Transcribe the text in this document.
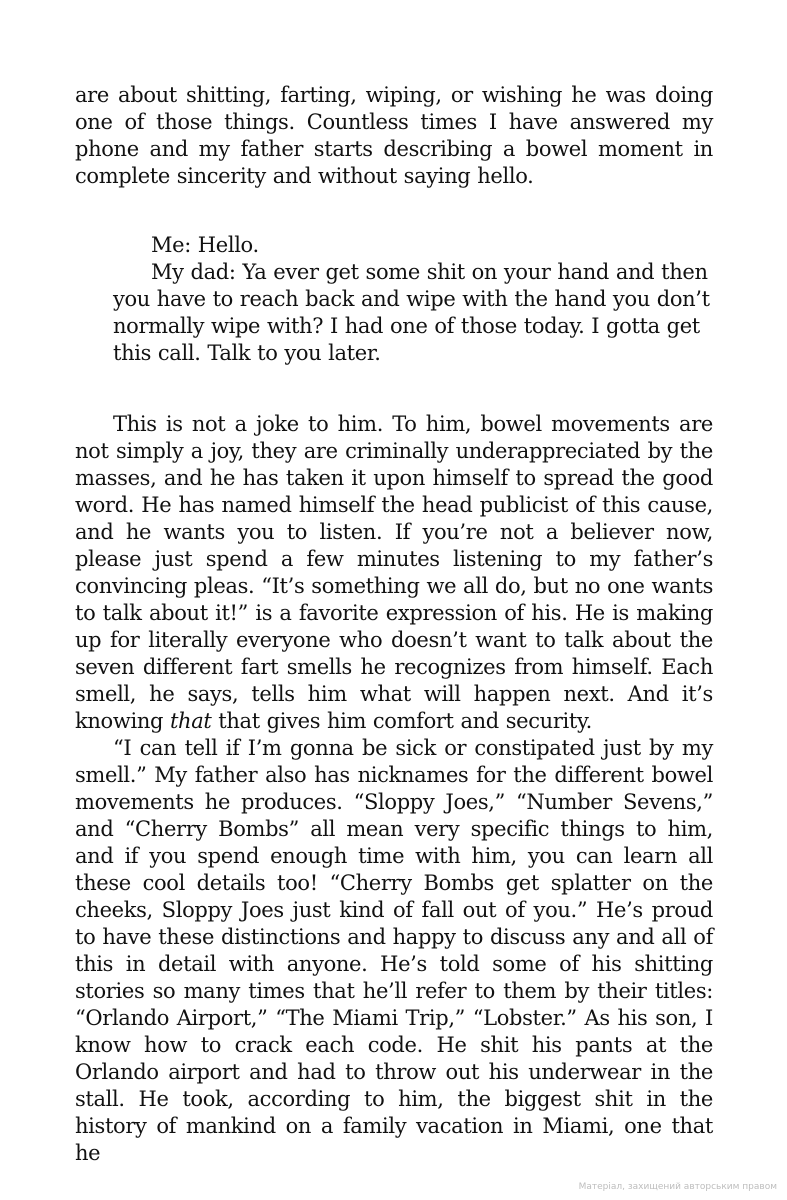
are about shitting, farting, wiping, or wishing he was doing one of those things. Countless times I have answered my phone and my father starts describing a bowel moment in complete sincerity and without saying hello.

Me: Hello.

My dad: Ya ever get some shit on your hand and then you have to reach back and wipe with the hand you don’t normally wipe with? I had one of those today. I gotta get this call. Talk to you later.

This is not a joke to him. To him, bowel movements are not simply a joy, they are criminally underappreciated by the masses, and he has taken it upon himself to spread the good word. He has named himself the head publicist of this cause, and he wants you to listen. If you’re not a believer now, please just spend a few minutes listening to my father’s convincing pleas. “It’s something we all do, but no one wants to talk about it!” is a favorite expression of his. He is making up for literally everyone who doesn’t want to talk about the seven different fart smells he recognizes from himself. Each smell, he says, tells him what will happen next. And it’s knowing that that gives him comfort and security.

“I can tell if I’m gonna be sick or constipated just by my smell.” My father also has nicknames for the different bowel movements he produces. “Sloppy Joes,” “Number Sevens,” and “Cherry Bombs” all mean very specific things to him, and if you spend enough time with him, you can learn all these cool details too! “Cherry Bombs get splatter on the cheeks, Sloppy Joes just kind of fall out of you.” He’s proud to have these distinctions and happy to discuss any and all of this in detail with anyone. He’s told some of his shitting stories so many times that he’ll refer to them by their titles: “Orlando Airport,” “The Miami Trip,” “Lobster.” As his son, I know how to crack each code. He shit his pants at the Orlando airport and had to throw out his underwear in the stall. He took, according to him, the biggest shit in the history of mankind on a family vacation in Miami, one that he

Матеріал, захищений авторським правом
